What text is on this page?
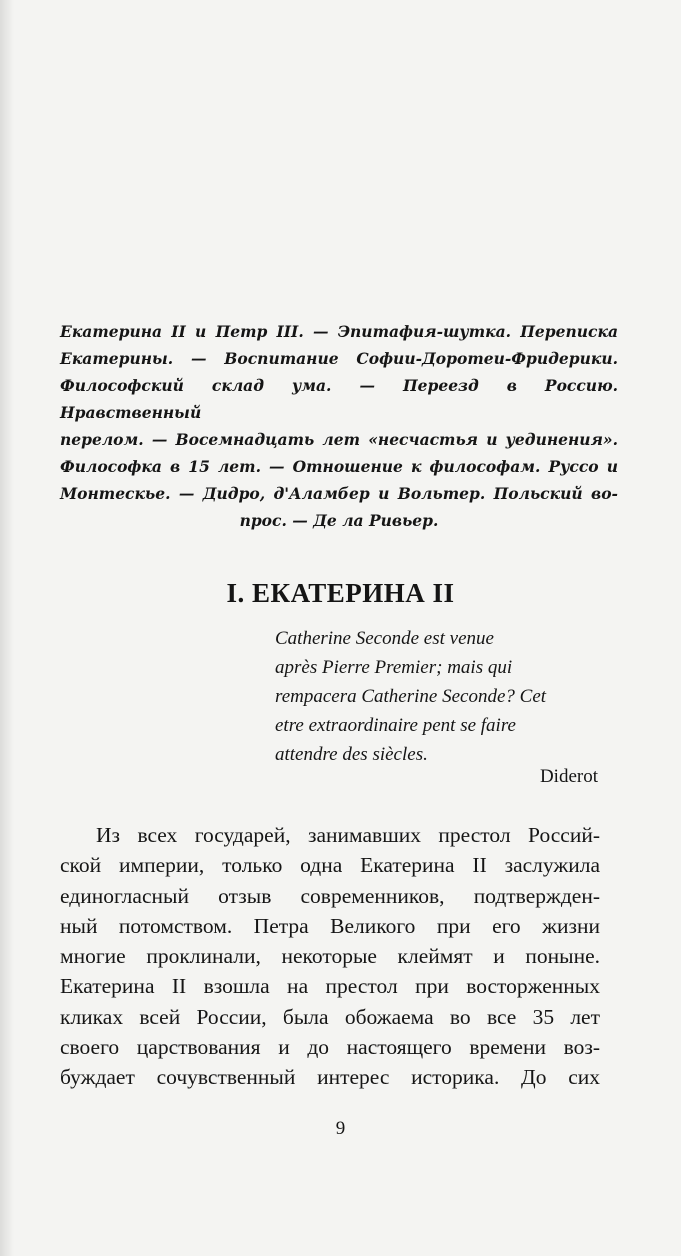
Екатерина II и Петр III. — Эпитафия-шутка. Переписка
Екатерины. — Воспитание Софии-Доротеи-Фридерики.
Философский склад ума. — Переезд в Россию. Нравственный
перелом. — Восемнадцать лет «несчастья и уединения».
Философка в 15 лет. — Отношение к философам. Руссо и
Монтескье. — Дидро, д'Аламбер и Вольтер. Польский во-
прос. — Де ла Ривьер.

I. ЕКАТЕРИНА II
Catherine Seconde est venue
après Pierre Premier; mais qui
rempacera Catherine Seconde? Cet
etre extraordinaire pent se faire
attendre des siècles.
Diderot
Из всех государей, занимавших престол Россий-
ской империи, только одна Екатерина II заслужила
единогласный отзыв современников, подтвержден-
ный потомством. Петра Великого при его жизни
многие проклинали, некоторые клеймят и поныне.
Екатерина II взошла на престол при восторженных
кликах всей России, была обожаема во все 35 лет
своего царствования и до настоящего времени воз-
буждает сочувственный интерес историка. До сих
9
